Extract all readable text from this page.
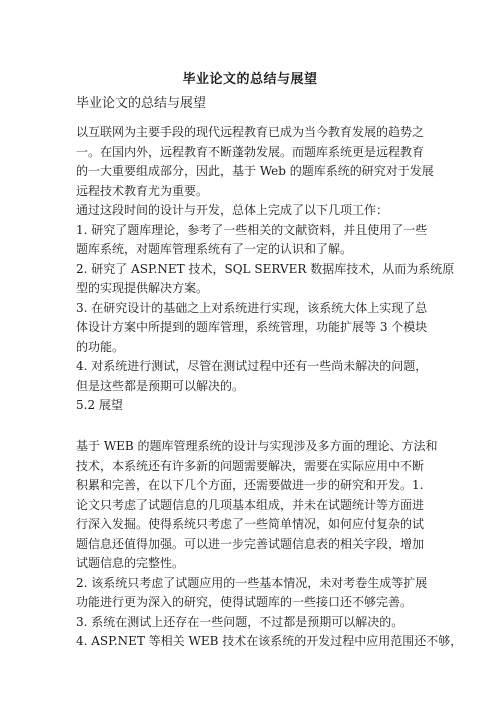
毕业论文的总结与展望
毕业论文的总结与展望

以互联网为主要手段的现代远程教育已成为当今教育发展的趋势之

一。在国内外，远程教育不断蓬勃发展。而题库系统更是远程教育

的一大重要组成部分，因此，基于 Web 的题库系统的研究对于发展

远程技术教育尤为重要。

通过这段时间的设计与开发，总体上完成了以下几项工作：

1. 研究了题库理论，参考了一些相关的文献资料，并且使用了一些

题库系统，对题库管理系统有了一定的认识和了解。

2. 研究了 ASP.NET 技术，SQL SERVER 数据库技术，从而为系统原

型的实现提供解决方案。

3. 在研究设计的基础之上对系统进行实现，该系统大体上实现了总

体设计方案中所提到的题库管理，系统管理，功能扩展等 3 个模块

的功能。

4. 对系统进行测试，尽管在测试过程中还有一些尚未解决的问题，

但是这些都是预期可以解决的。

5.2 展望

基于 WEB 的题库管理系统的设计与实现涉及多方面的理论、方法和

技术，本系统还有许多新的问题需要解决，需要在实际应用中不断

积累和完善，在以下几个方面，还需要做进一步的研究和开发。1.

论文只考虑了试题信息的几项基本组成，并未在试题统计等方面进

行深入发掘。使得系统只考虑了一些简单情况，如何应付复杂的试

题信息还值得加强。可以进一步完善试题信息表的相关字段，增加

试题信息的完整性。

2. 该系统只考虑了试题应用的一些基本情况，未对考卷生成等扩展

功能进行更为深入的研究，使得试题库的一些接口还不够完善。

3. 系统在测试上还存在一些问题，不过都是预期可以解决的。

4. ASP.NET 等相关 WEB 技术在该系统的开发过程中应用范围还不够，
